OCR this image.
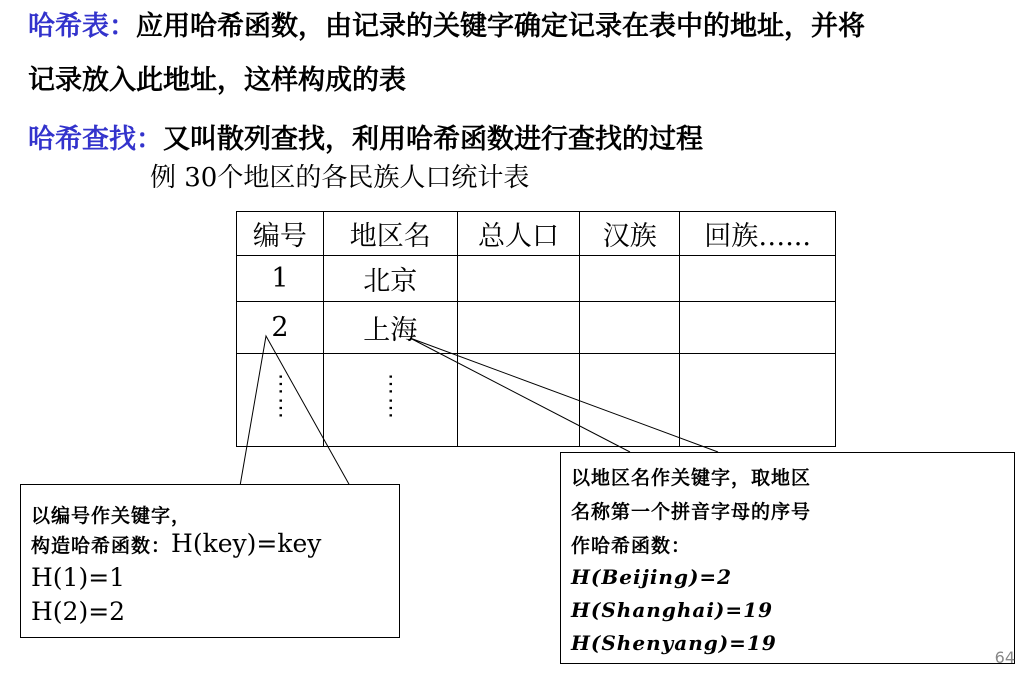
哈希表：应用哈希函数，由记录的关键字确定记录在表中的地址，并将
记录放入此地址，这样构成的表
哈希查找：又叫散列查找，利用哈希函数进行查找的过程
例 30个地区的各民族人口统计表
编号	地区名	总人口	汉族	回族…...
1	北京			
2	上海			
⋯⋯	⋯⋯			
以编号作关键字，
构造哈希函数：H(key)=key
H(1)=1
H(2)=2
以地区名作关键字，取地区
名称第一个拼音字母的序号
作哈希函数：
H(Beijing)=2
H(Shanghai)=19
H(Shenyang)=19
64
